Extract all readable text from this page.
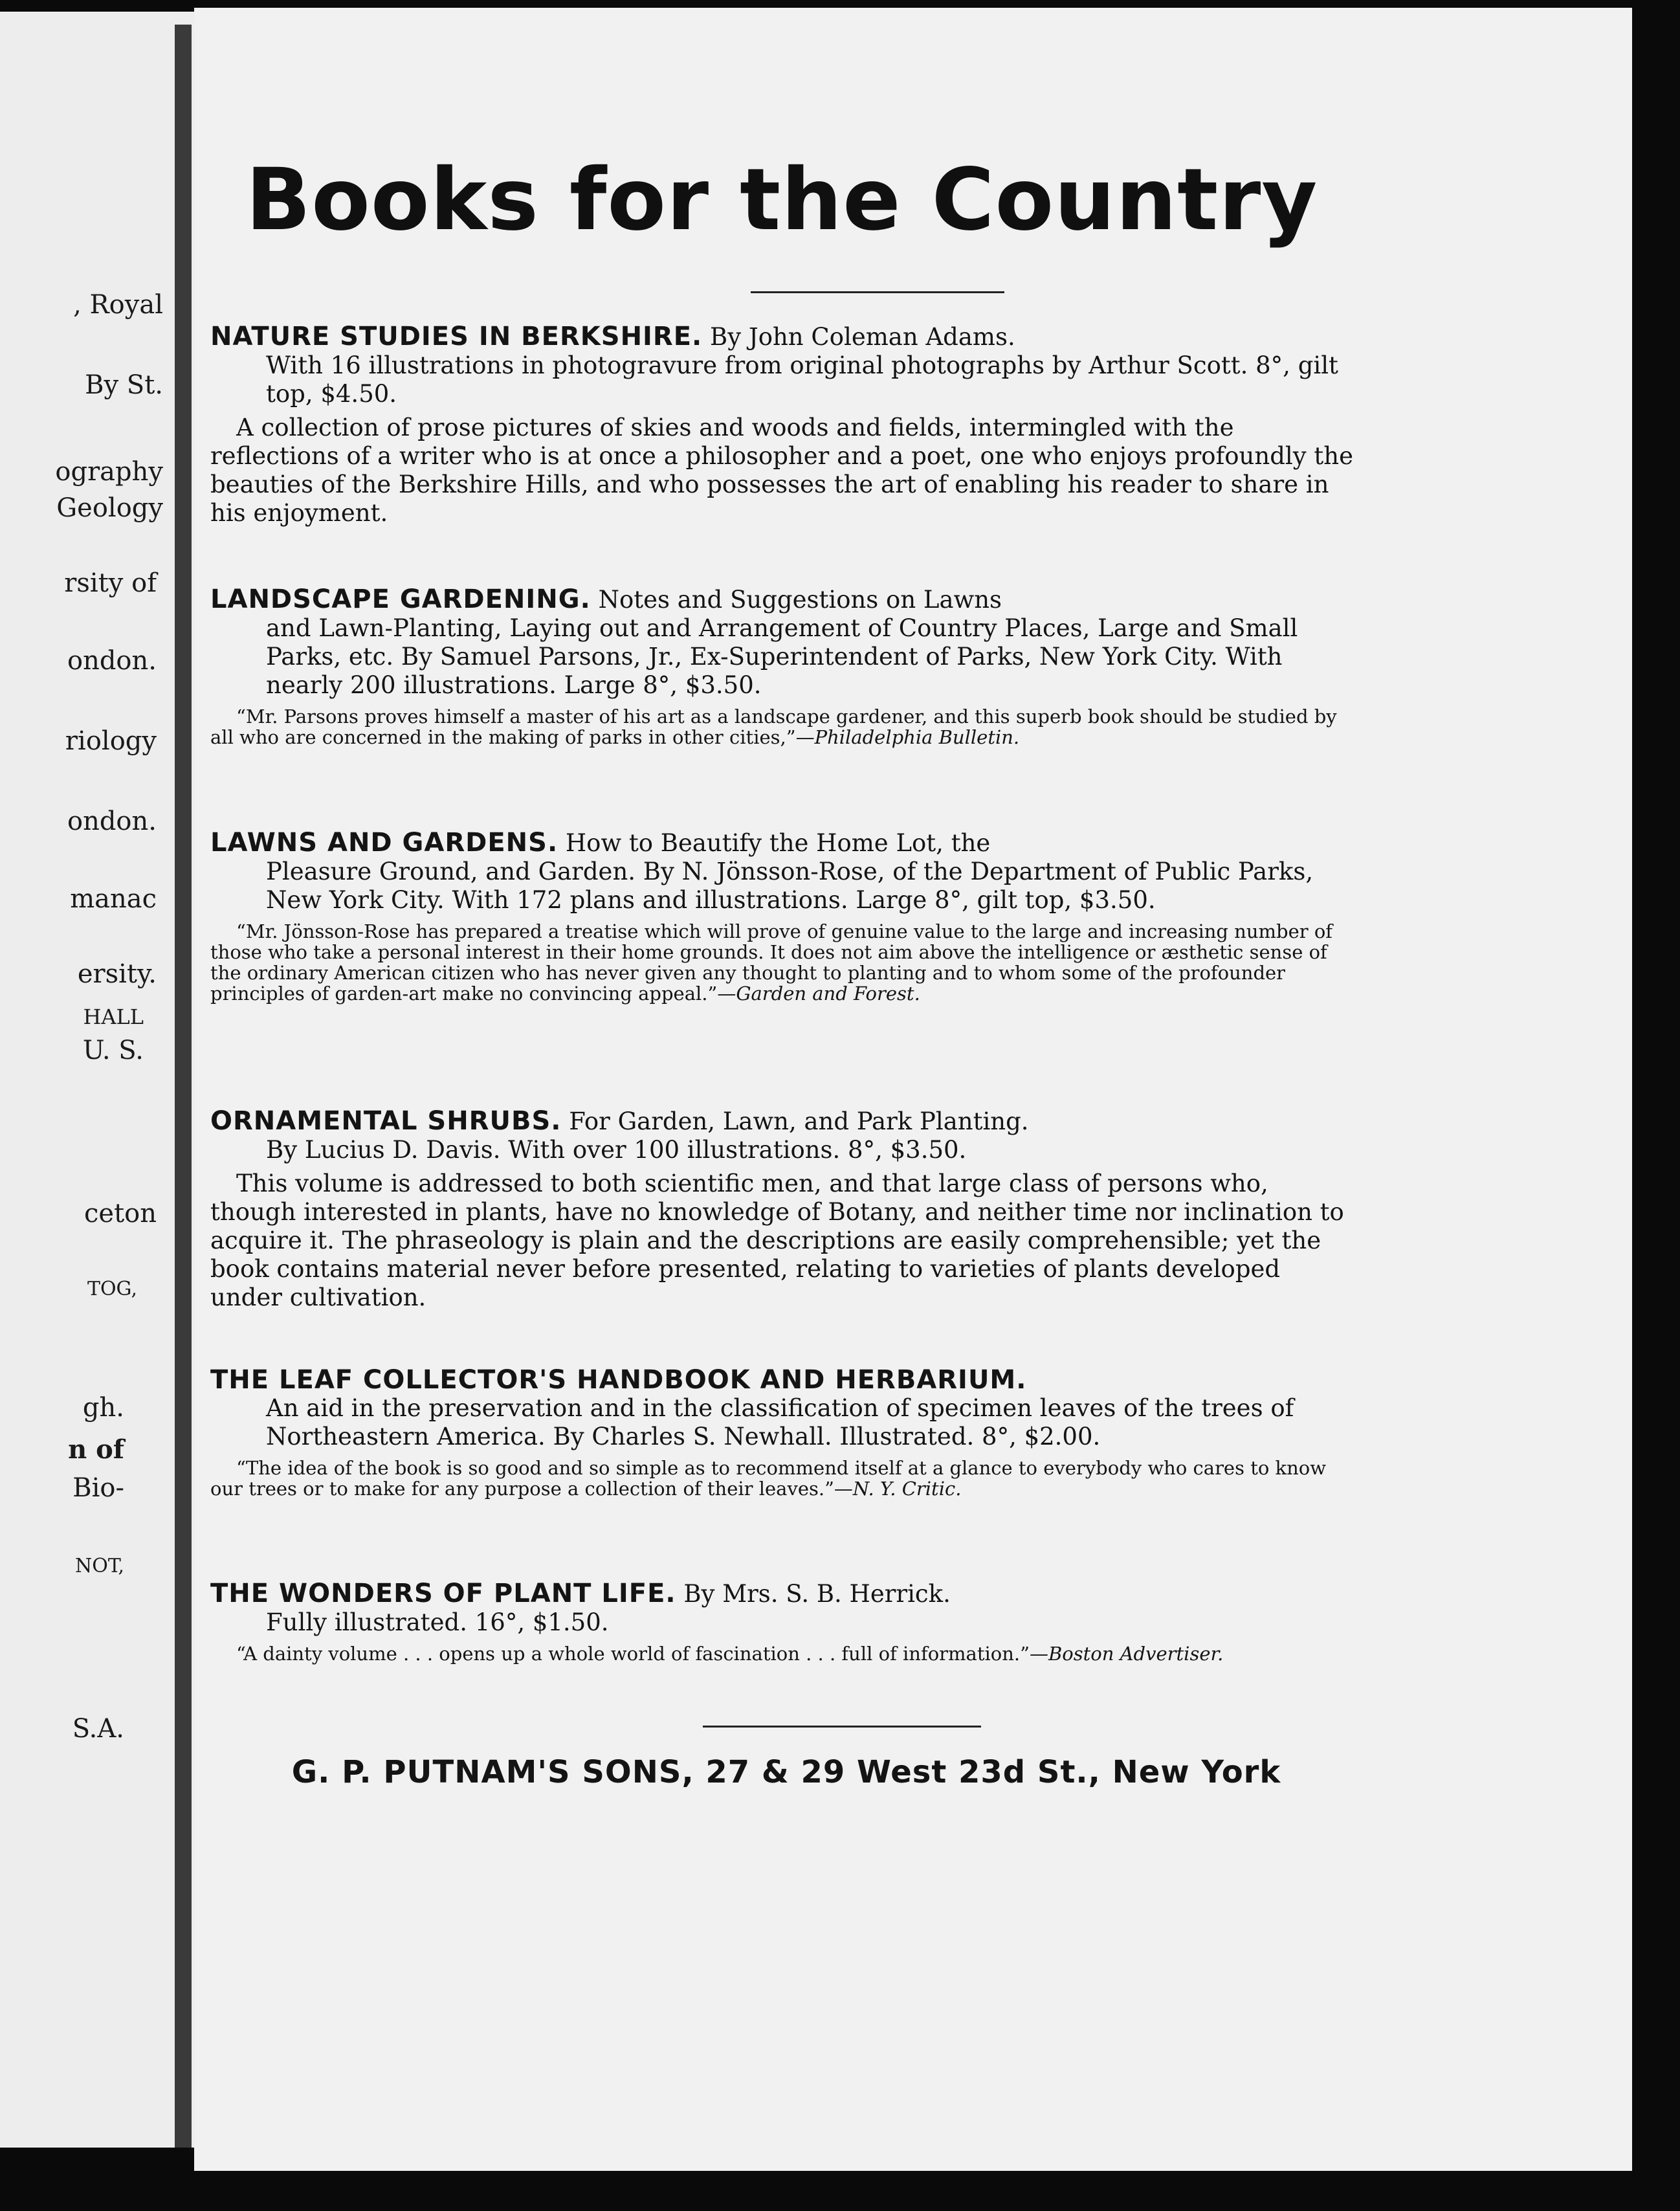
, Royal
By St.
ography
Geology
rsity of
ondon.
riology
ondon.
manac
ersity.
HALL
U. S.
ceton
TOG,
gh.
n of
Bio-
NOT,
S.A.
Books for the Country
NATURE STUDIES IN BERKSHIRE. By John Coleman Adams.
With 16 illustrations in photogravure from original photographs by Arthur Scott. 8°, gilt top, $4.50.
A collection of prose pictures of skies and woods and fields, intermingled with the reflections of a writer who is at once a philosopher and a poet, one who enjoys profoundly the beauties of the Berkshire Hills, and who possesses the art of enabling his reader to share in his enjoyment.
LANDSCAPE GARDENING. Notes and Suggestions on Lawns
and Lawn-Planting, Laying out and Arrangement of Country Places, Large and Small Parks, etc. By Samuel Parsons, Jr., Ex-Superintendent of Parks, New York City. With nearly 200 illustrations. Large 8°, $3.50.
“Mr. Parsons proves himself a master of his art as a landscape gardener, and this superb book should be studied by all who are concerned in the making of parks in other cities,”—Philadelphia Bulletin.
LAWNS AND GARDENS. How to Beautify the Home Lot, the
Pleasure Ground, and Garden. By N. Jönsson-Rose, of the Department of Public Parks, New York City. With 172 plans and illustrations. Large 8°, gilt top, $3.50.
“Mr. Jönsson-Rose has prepared a treatise which will prove of genuine value to the large and increasing number of those who take a personal interest in their home grounds. It does not aim above the intelligence or æsthetic sense of the ordinary American citizen who has never given any thought to planting and to whom some of the profounder principles of garden-art make no convincing appeal.”—Garden and Forest.
ORNAMENTAL SHRUBS. For Garden, Lawn, and Park Planting.
By Lucius D. Davis. With over 100 illustrations. 8°, $3.50.
This volume is addressed to both scientific men, and that large class of persons who, though interested in plants, have no knowledge of Botany, and neither time nor inclination to acquire it. The phraseology is plain and the descriptions are easily comprehensible; yet the book contains material never before presented, relating to varieties of plants developed under cultivation.
THE LEAF COLLECTOR'S HANDBOOK AND HERBARIUM.
An aid in the preservation and in the classification of specimen leaves of the trees of Northeastern America. By Charles S. Newhall. Illustrated. 8°, $2.00.
“The idea of the book is so good and so simple as to recommend itself at a glance to everybody who cares to know our trees or to make for any purpose a collection of their leaves.”—N. Y. Critic.
THE WONDERS OF PLANT LIFE. By Mrs. S. B. Herrick.
Fully illustrated. 16°, $1.50.
“A dainty volume . . . opens up a whole world of fascination . . . full of information.”—Boston Advertiser.
G. P. PUTNAM'S SONS, 27 & 29 West 23d St., New York
